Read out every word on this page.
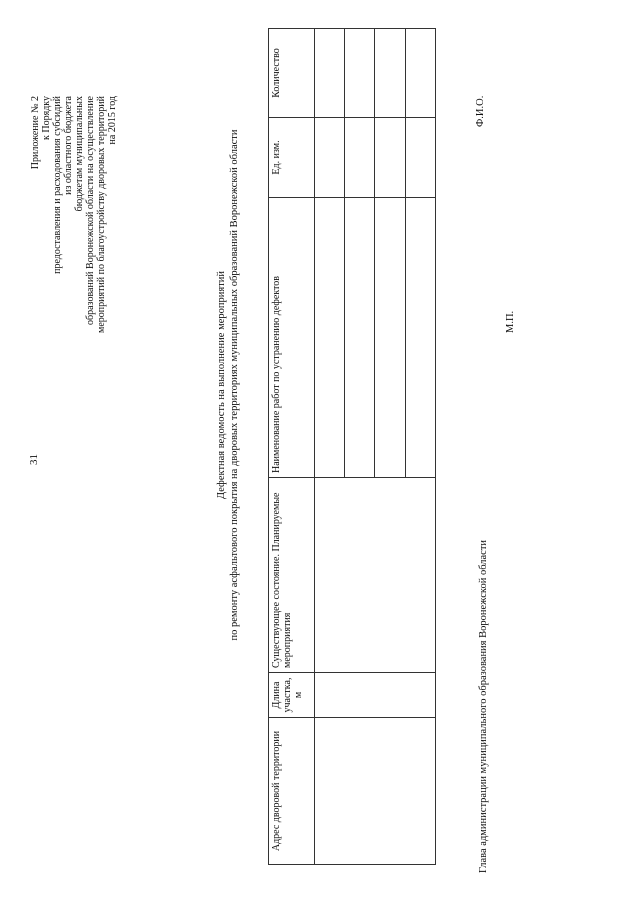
31
Приложение № 2 к Порядку предоставления и расходования субсидий из областного бюджета бюджетам муниципальных образований Воронежской области на осуществление мероприятий по благоустройству дворовых территорий на 2015 год
Дефектная ведомость на выполнение мероприятий по ремонту асфальтового покрытия на дворовых территориях муниципальных образований Воронежской области
Адрес дворовой территории	Длина участка, м	Существующее состояние. Планируемые мероприятия	Наименование работ по устранению дефектов	Ед. изм.	Количество

Глава администрации муниципального образования Воронежской области
М.П.
Ф.И.О.
